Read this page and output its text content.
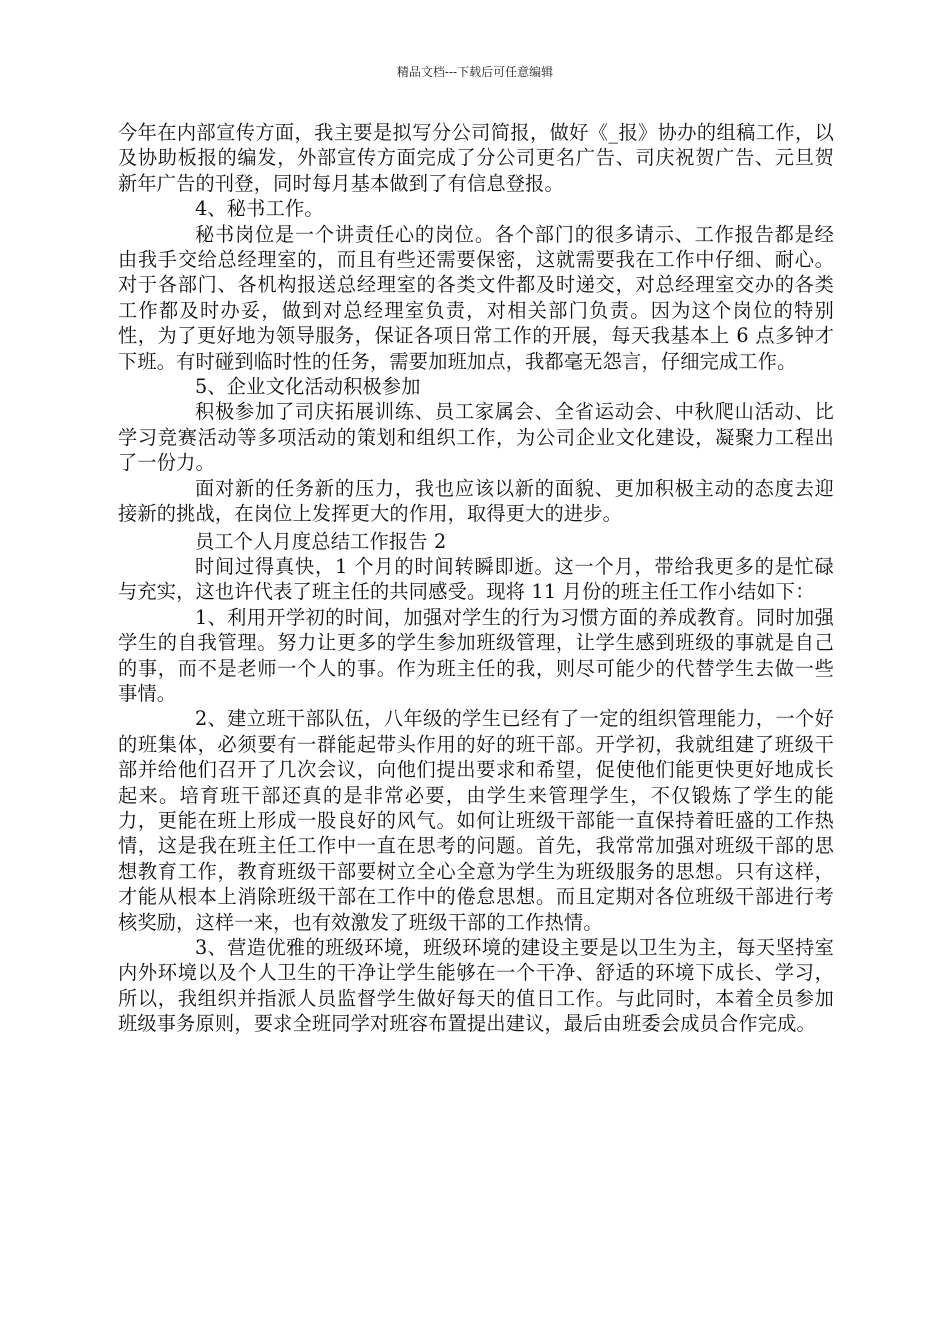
精品文档---下载后可任意编辑

今年在内部宣传方面，我主要是拟写分公司简报，做好《_报》协办的组稿工作，以及协助板报的编发，外部宣传方面完成了分公司更名广告、司庆祝贺广告、元旦贺新年广告的刊登，同时每月基本做到了有信息登报。

4、秘书工作。

秘书岗位是一个讲责任心的岗位。各个部门的很多请示、工作报告都是经由我手交给总经理室的，而且有些还需要保密，这就需要我在工作中仔细、耐心。对于各部门、各机构报送总经理室的各类文件都及时递交，对总经理室交办的各类工作都及时办妥，做到对总经理室负责，对相关部门负责。因为这个岗位的特别性，为了更好地为领导服务，保证各项日常工作的开展，每天我基本上 6 点多钟才下班。有时碰到临时性的任务，需要加班加点，我都毫无怨言，仔细完成工作。

5、企业文化活动积极参加

积极参加了司庆拓展训练、员工家属会、全省运动会、中秋爬山活动、比学习竞赛活动等多项活动的策划和组织工作，为公司企业文化建设，凝聚力工程出了一份力。

面对新的任务新的压力，我也应该以新的面貌、更加积极主动的态度去迎接新的挑战，在岗位上发挥更大的作用，取得更大的进步。

员工个人月度总结工作报告 2

时间过得真快，1 个月的时间转瞬即逝。这一个月，带给我更多的是忙碌与充实，这也许代表了班主任的共同感受。现将 11 月份的班主任工作小结如下：

1、利用开学初的时间，加强对学生的行为习惯方面的养成教育。同时加强学生的自我管理。努力让更多的学生参加班级管理，让学生感到班级的事就是自己的事，而不是老师一个人的事。作为班主任的我，则尽可能少的代替学生去做一些事情。

2、建立班干部队伍，八年级的学生已经有了一定的组织管理能力，一个好的班集体，必须要有一群能起带头作用的好的班干部。开学初，我就组建了班级干部并给他们召开了几次会议，向他们提出要求和希望，促使他们能更快更好地成长起来。培育班干部还真的是非常必要，由学生来管理学生，不仅锻炼了学生的能力，更能在班上形成一股良好的风气。如何让班级干部能一直保持着旺盛的工作热情，这是我在班主任工作中一直在思考的问题。首先，我常常加强对班级干部的思想教育工作，教育班级干部要树立全心全意为学生为班级服务的思想。只有这样，才能从根本上消除班级干部在工作中的倦怠思想。而且定期对各位班级干部进行考核奖励，这样一来，也有效激发了班级干部的工作热情。

3、营造优雅的班级环境，班级环境的建设主要是以卫生为主，每天坚持室内外环境以及个人卫生的干净让学生能够在一个干净、舒适的环境下成长、学习，所以，我组织并指派人员监督学生做好每天的值日工作。与此同时，本着全员参加班级事务原则，要求全班同学对班容布置提出建议，最后由班委会成员合作完成。
